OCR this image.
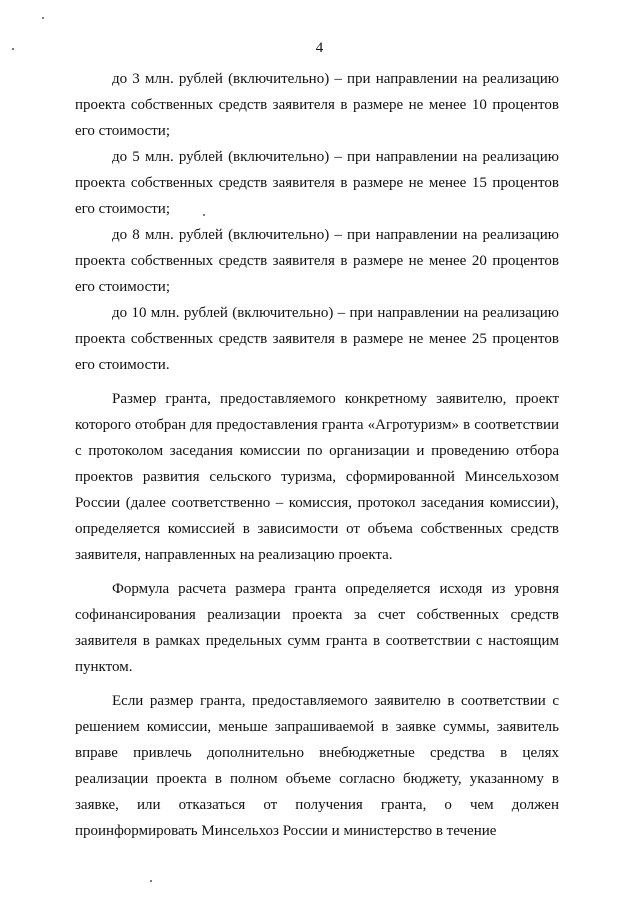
4

до 3 млн. рублей (включительно) – при направлении на реализацию проекта собственных средств заявителя в размере не менее 10 процентов его стоимости;

до 5 млн. рублей (включительно) – при направлении на реализацию проекта собственных средств заявителя в размере не менее 15 процентов его стоимости;

до 8 млн. рублей (включительно) – при направлении на реализацию проекта собственных средств заявителя в размере не менее 20 процентов его стоимости;

до 10 млн. рублей (включительно) – при направлении на реализацию проекта собственных средств заявителя в размере не менее 25 процентов его стоимости.

Размер гранта, предоставляемого конкретному заявителю, проект которого отобран для предоставления гранта «Агротуризм» в соответствии с протоколом заседания комиссии по организации и проведению отбора проектов развития сельского туризма, сформированной Минсельхозом России (далее соответственно – комиссия, протокол заседания комиссии), определяется комиссией в зависимости от объема собственных средств заявителя, направленных на реализацию проекта.

Формула расчета размера гранта определяется исходя из уровня софинансирования реализации проекта за счет собственных средств заявителя в рамках предельных сумм гранта в соответствии с настоящим пунктом.

Если размер гранта, предоставляемого заявителю в соответствии с решением комиссии, меньше запрашиваемой в заявке суммы, заявитель вправе привлечь дополнительно внебюджетные средства в целях реализации проекта в полном объеме согласно бюджету, указанному в заявке, или отказаться от получения гранта, о чем должен проинформировать Минсельхоз России и министерство в течение
